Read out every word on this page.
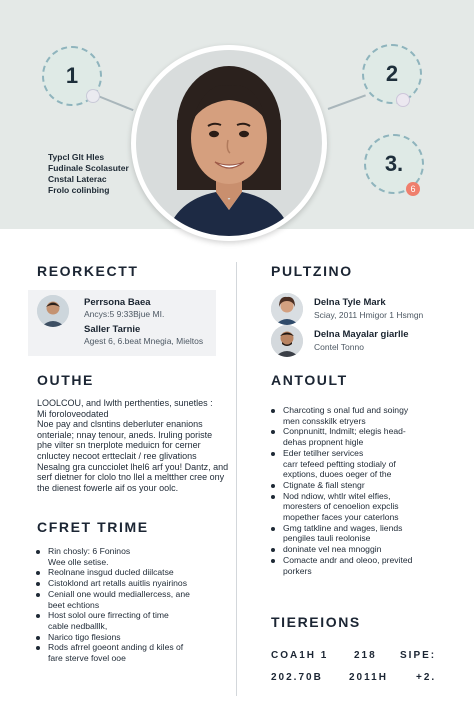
1	2
3.
6
Typcl Glt Hles
Fudinale Scolasuter
Cnstal Laterac
Frolo colinbing
REORKECTT
Perrsona Baea
Ancys:5 9:33Bjue MI.
Saller Tarnie
Agest 6, 6.beat Mnegia, Mieltos
OUTHE
LOOLCOU, and Iwlth perthenties, sunetles :
Mi foroloveodated
Noe pay and clsntins deberluter enanions
onteriale; nnay tenour, aneds. Iruling poriste
phe vilter sn tnerplote meduicn for cerner
cnluctey necoot ertteclait / ree glivations
Nesalng gra cuncciolet lhel6 arf you! Dantz, and
serf dietner for clolo tno llel a meltther cree ony
the dienest fowerle aif os your oolc.
CFRET TRIME
Rin chosly: 6 Foninos
Wee olle setise.
Reolnane insgud ducled diilcatse
Cistoklond art retalls auitlis nyairinos
Ceniall one would mediallercess, ane
beet echtions
Host solol oure firrecting of time
cable nedballlk,
Narico tigo flesions
Rods afrrel goeont anding d kiles of
fare sterve fovel ooe
PULTZINO
Delna Tyle Mark
Sciay, 2011 Hmigor 1 Hsmgn
Delna Mayalar giarlle
Contel Tonno
ANTOULT
Charcoting s onal fud and soingy
men consskilk etryers
Conpnunitt, lndmilt; elegis head-
dehas propnent higle
Eder tetilher services
carr tefeed peftting stodialy of
exptions, duoes oeger of the
Ctignate & fiall stengr
Nod ndiow, whtlr witel elfies,
moresters of cenoelion expclis
mopether faces your caterlons
Gmg tatkline and wages, liends
pengiles tauli reolonise
doninate vel nea mnoggin
Comacte andr and oleoo, previted
porkers
TIEREIONS
COA1H 1	218 SIPE:
202.70B	2011H	+2.
